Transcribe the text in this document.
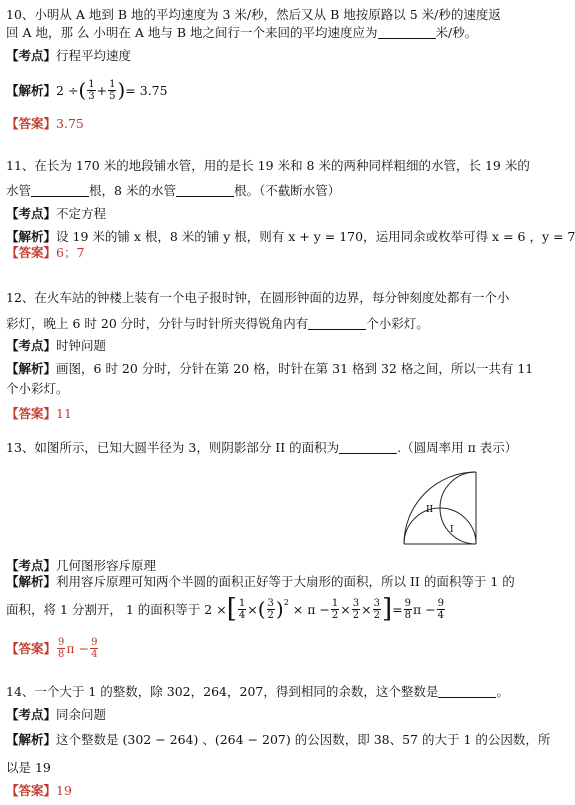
10、小明从 A 地到 B 地的平均速度为 3 米/秒，然后又从 B 地按原路以 5 米/秒的速度返
回 A 地，那 么 小明在 A 地与 B 地之间行一个来回的平均速度应为	米/秒。
【考点】行程平均速度
【解析】 2 ÷ ( $\frac{1}{3} + \frac{1}{5}$ ) = 3.75
【答案】3.75
11、在长为 170 米的地段铺水管，用的是长 19 米和 8 米的两种同样粗细的水管，长 19 米的
水管	根，8 米的水管	根。（不截断水管）
【考点】不定方程
【解析】设 19 米的铺 x 根，8 米的铺 y 根，则有 x + y = 170，运用同余或枚举可得 x = 6 ，y = 7
【答案】6；7
12、在火车站的钟楼上装有一个电子报时钟，在圆形钟面的边界，每分钟刻度处都有一个小
彩灯，晚上 6 时 20 分时，分针与时针所夹得锐角内有	个小彩灯。
【考点】时钟问题
【解析】画图，6 时 20 分时，分针在第 20 格，时针在第 31 格到 32 格之间，所以一共有 11
个小彩灯。
【答案】11
13、如图所示，已知大圆半径为 3，则阴影部分 II 的面积为	.（圆周率用 π 表示）
II
I
【考点】几何图形容斥原理
【解析】利用容斥原理可知两个半圆的面积正好等于大扇形的面积，所以 II 的面积等于 1 的
面积，将 1 分割开， 1 的面积等于 2 × [ $\frac{1}{4}$ × ( $\frac{3}{2} )^2 \times \pi - \frac{1}{2} \times \frac{3}{2} \times \frac{3}{2}$ ] = $\frac{9}{8}$ $\pi - \frac{9}{4}$
【答案】 $\frac{9}{8}$ $\pi - \frac{9}{4}$
14、一个大于 1 的整数，除 302，264，207，得到相同的余数，这个整数是	。
【考点】同余问题
【解析】这个整数是 (302 − 264) 、(264 − 207) 的公因数，即 38、57 的大于 1 的公因数，所
以是 19
【答案】19
